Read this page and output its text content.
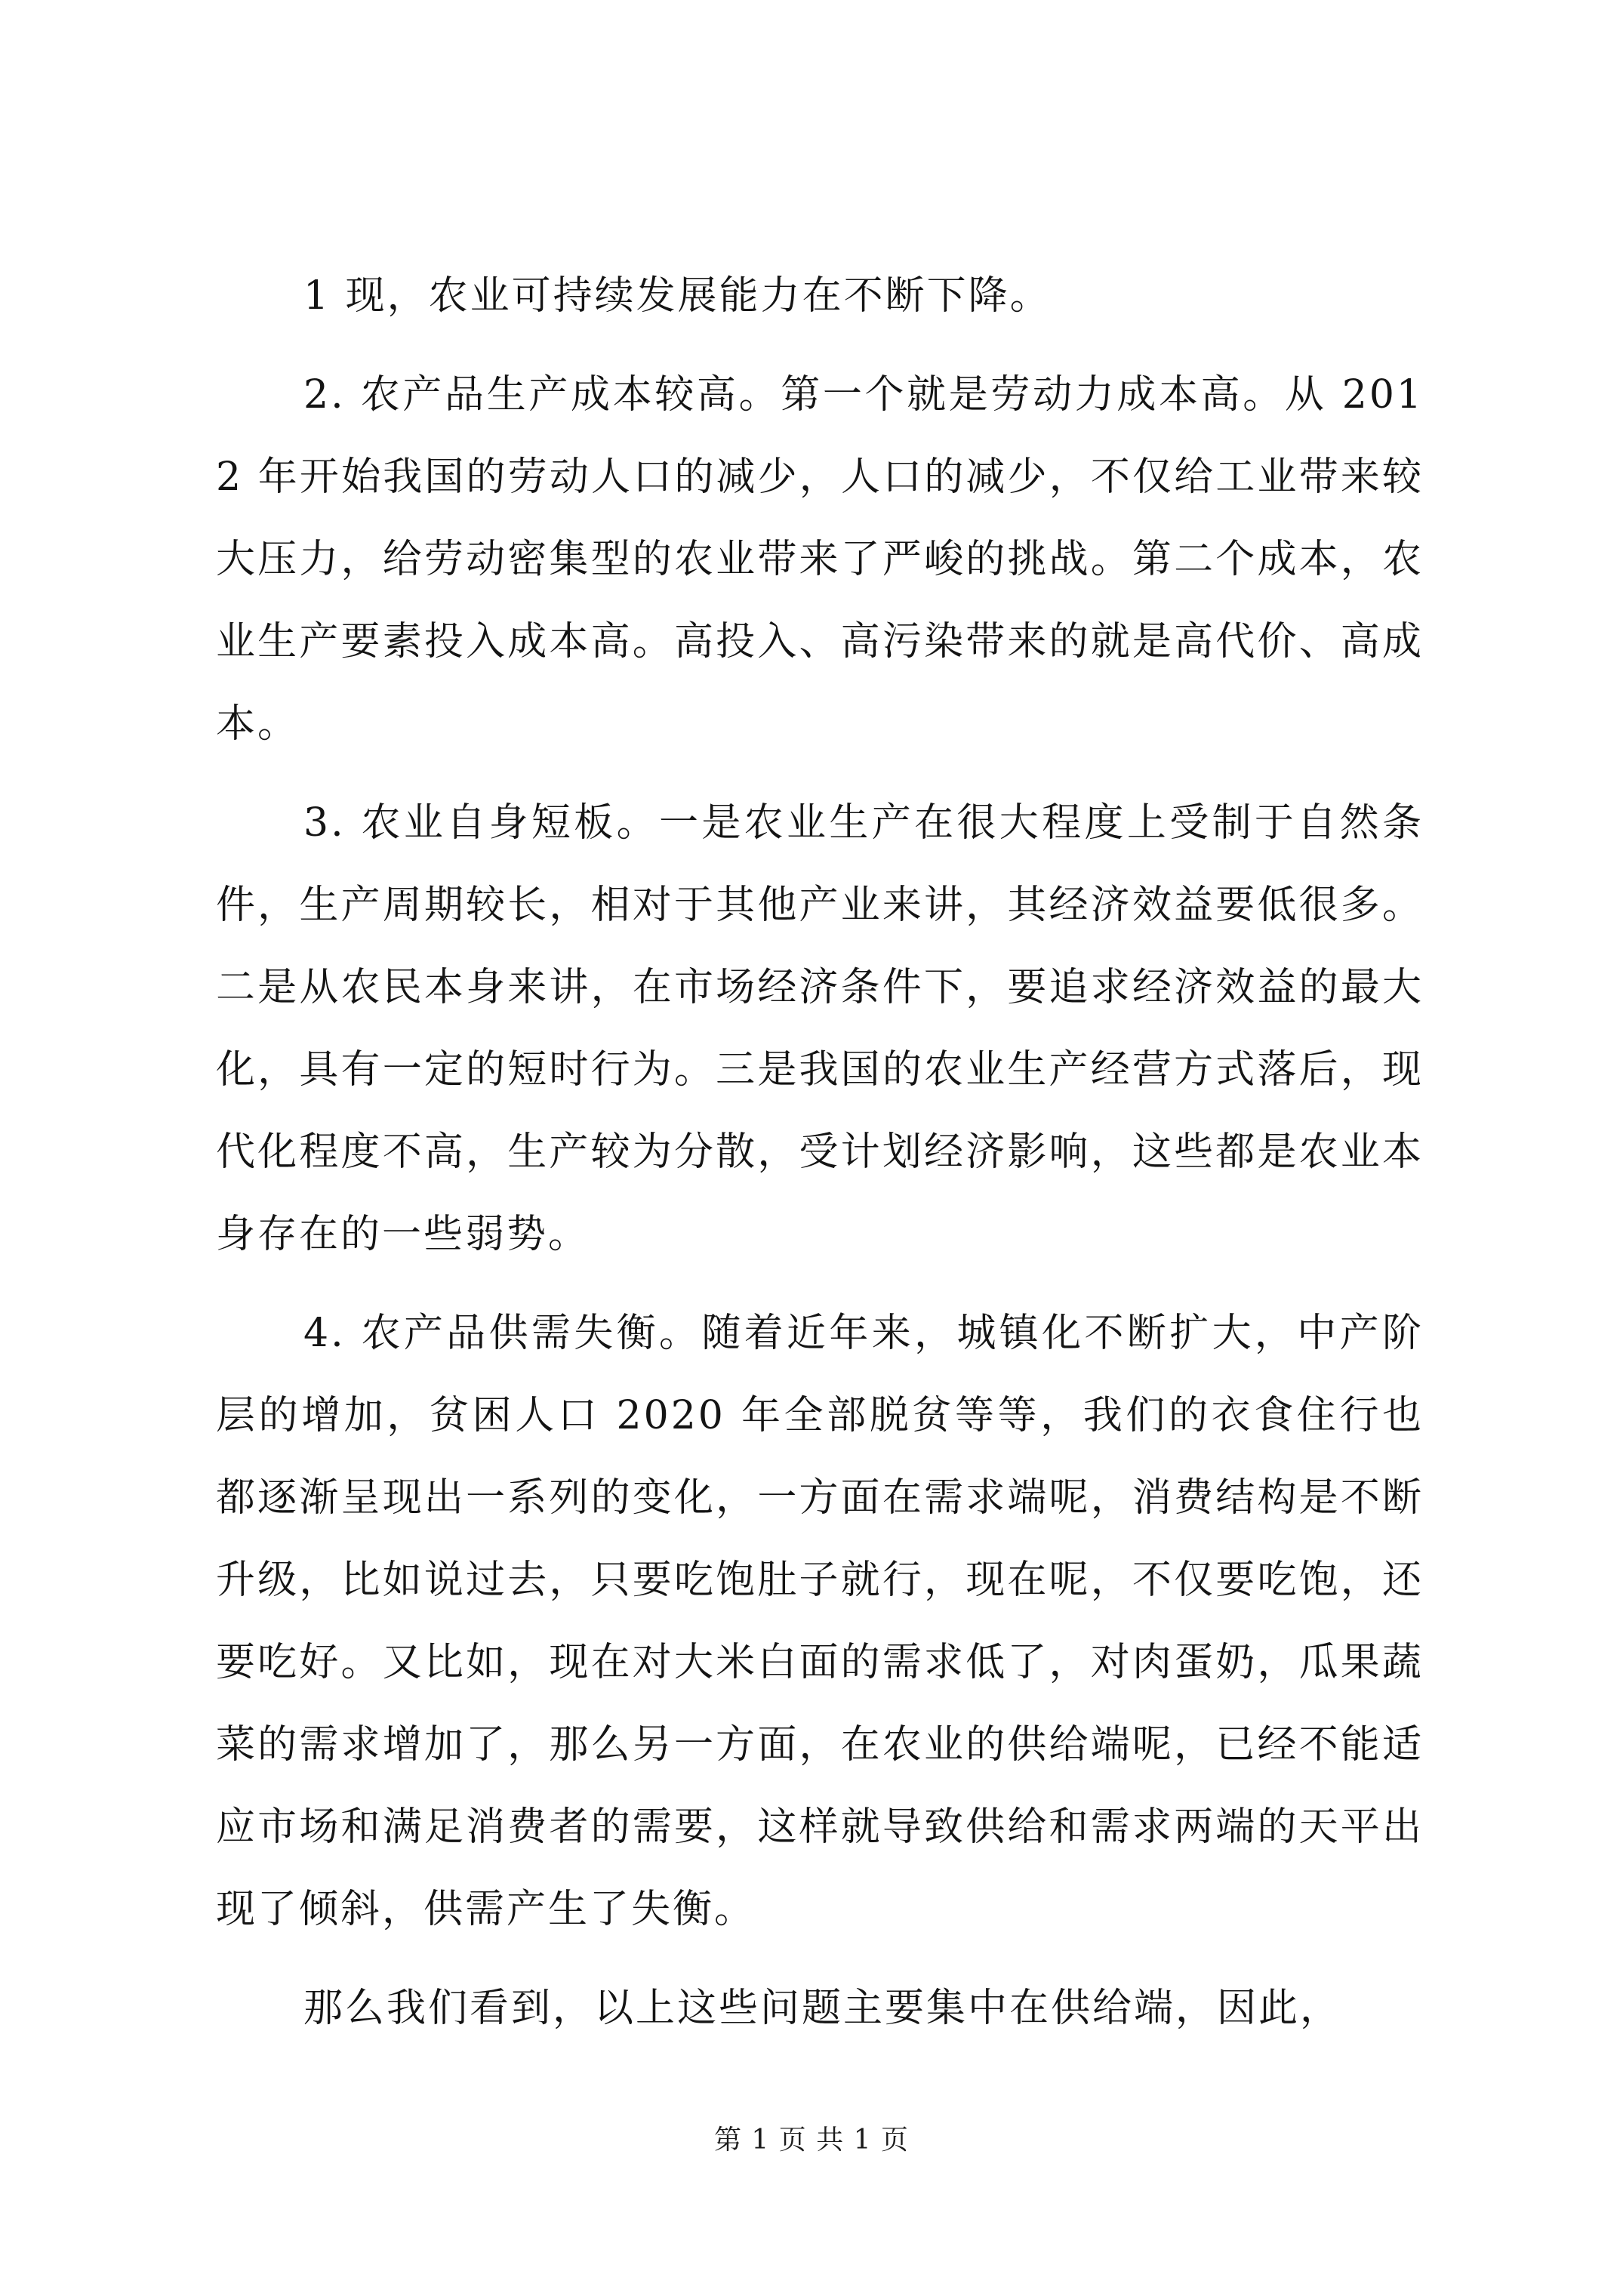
1 现，农业可持续发展能力在不断下降。

2. 农产品生产成本较高。第一个就是劳动力成本高。从 2012 年开始我国的劳动人口的减少，人口的减少，不仅给工业带来较大压力，给劳动密集型的农业带来了严峻的挑战。第二个成本，农业生产要素投入成本高。高投入、高污染带来的就是高代价、高成本。

3. 农业自身短板。一是农业生产在很大程度上受制于自然条件，生产周期较长，相对于其他产业来讲，其经济效益要低很多。二是从农民本身来讲，在市场经济条件下，要追求经济效益的最大化，具有一定的短时行为。三是我国的农业生产经营方式落后，现代化程度不高，生产较为分散，受计划经济影响，这些都是农业本身存在的一些弱势。

4. 农产品供需失衡。随着近年来，城镇化不断扩大，中产阶层的增加，贫困人口 2020 年全部脱贫等等，我们的衣食住行也都逐渐呈现出一系列的变化，一方面在需求端呢，消费结构是不断升级，比如说过去，只要吃饱肚子就行，现在呢，不仅要吃饱，还要吃好。又比如，现在对大米白面的需求低了，对肉蛋奶，瓜果蔬菜的需求增加了，那么另一方面，在农业的供给端呢，已经不能适应市场和满足消费者的需要，这样就导致供给和需求两端的天平出现了倾斜，供需产生了失衡。

那么我们看到，以上这些问题主要集中在供给端，因此，

第 1 页 共 1 页
